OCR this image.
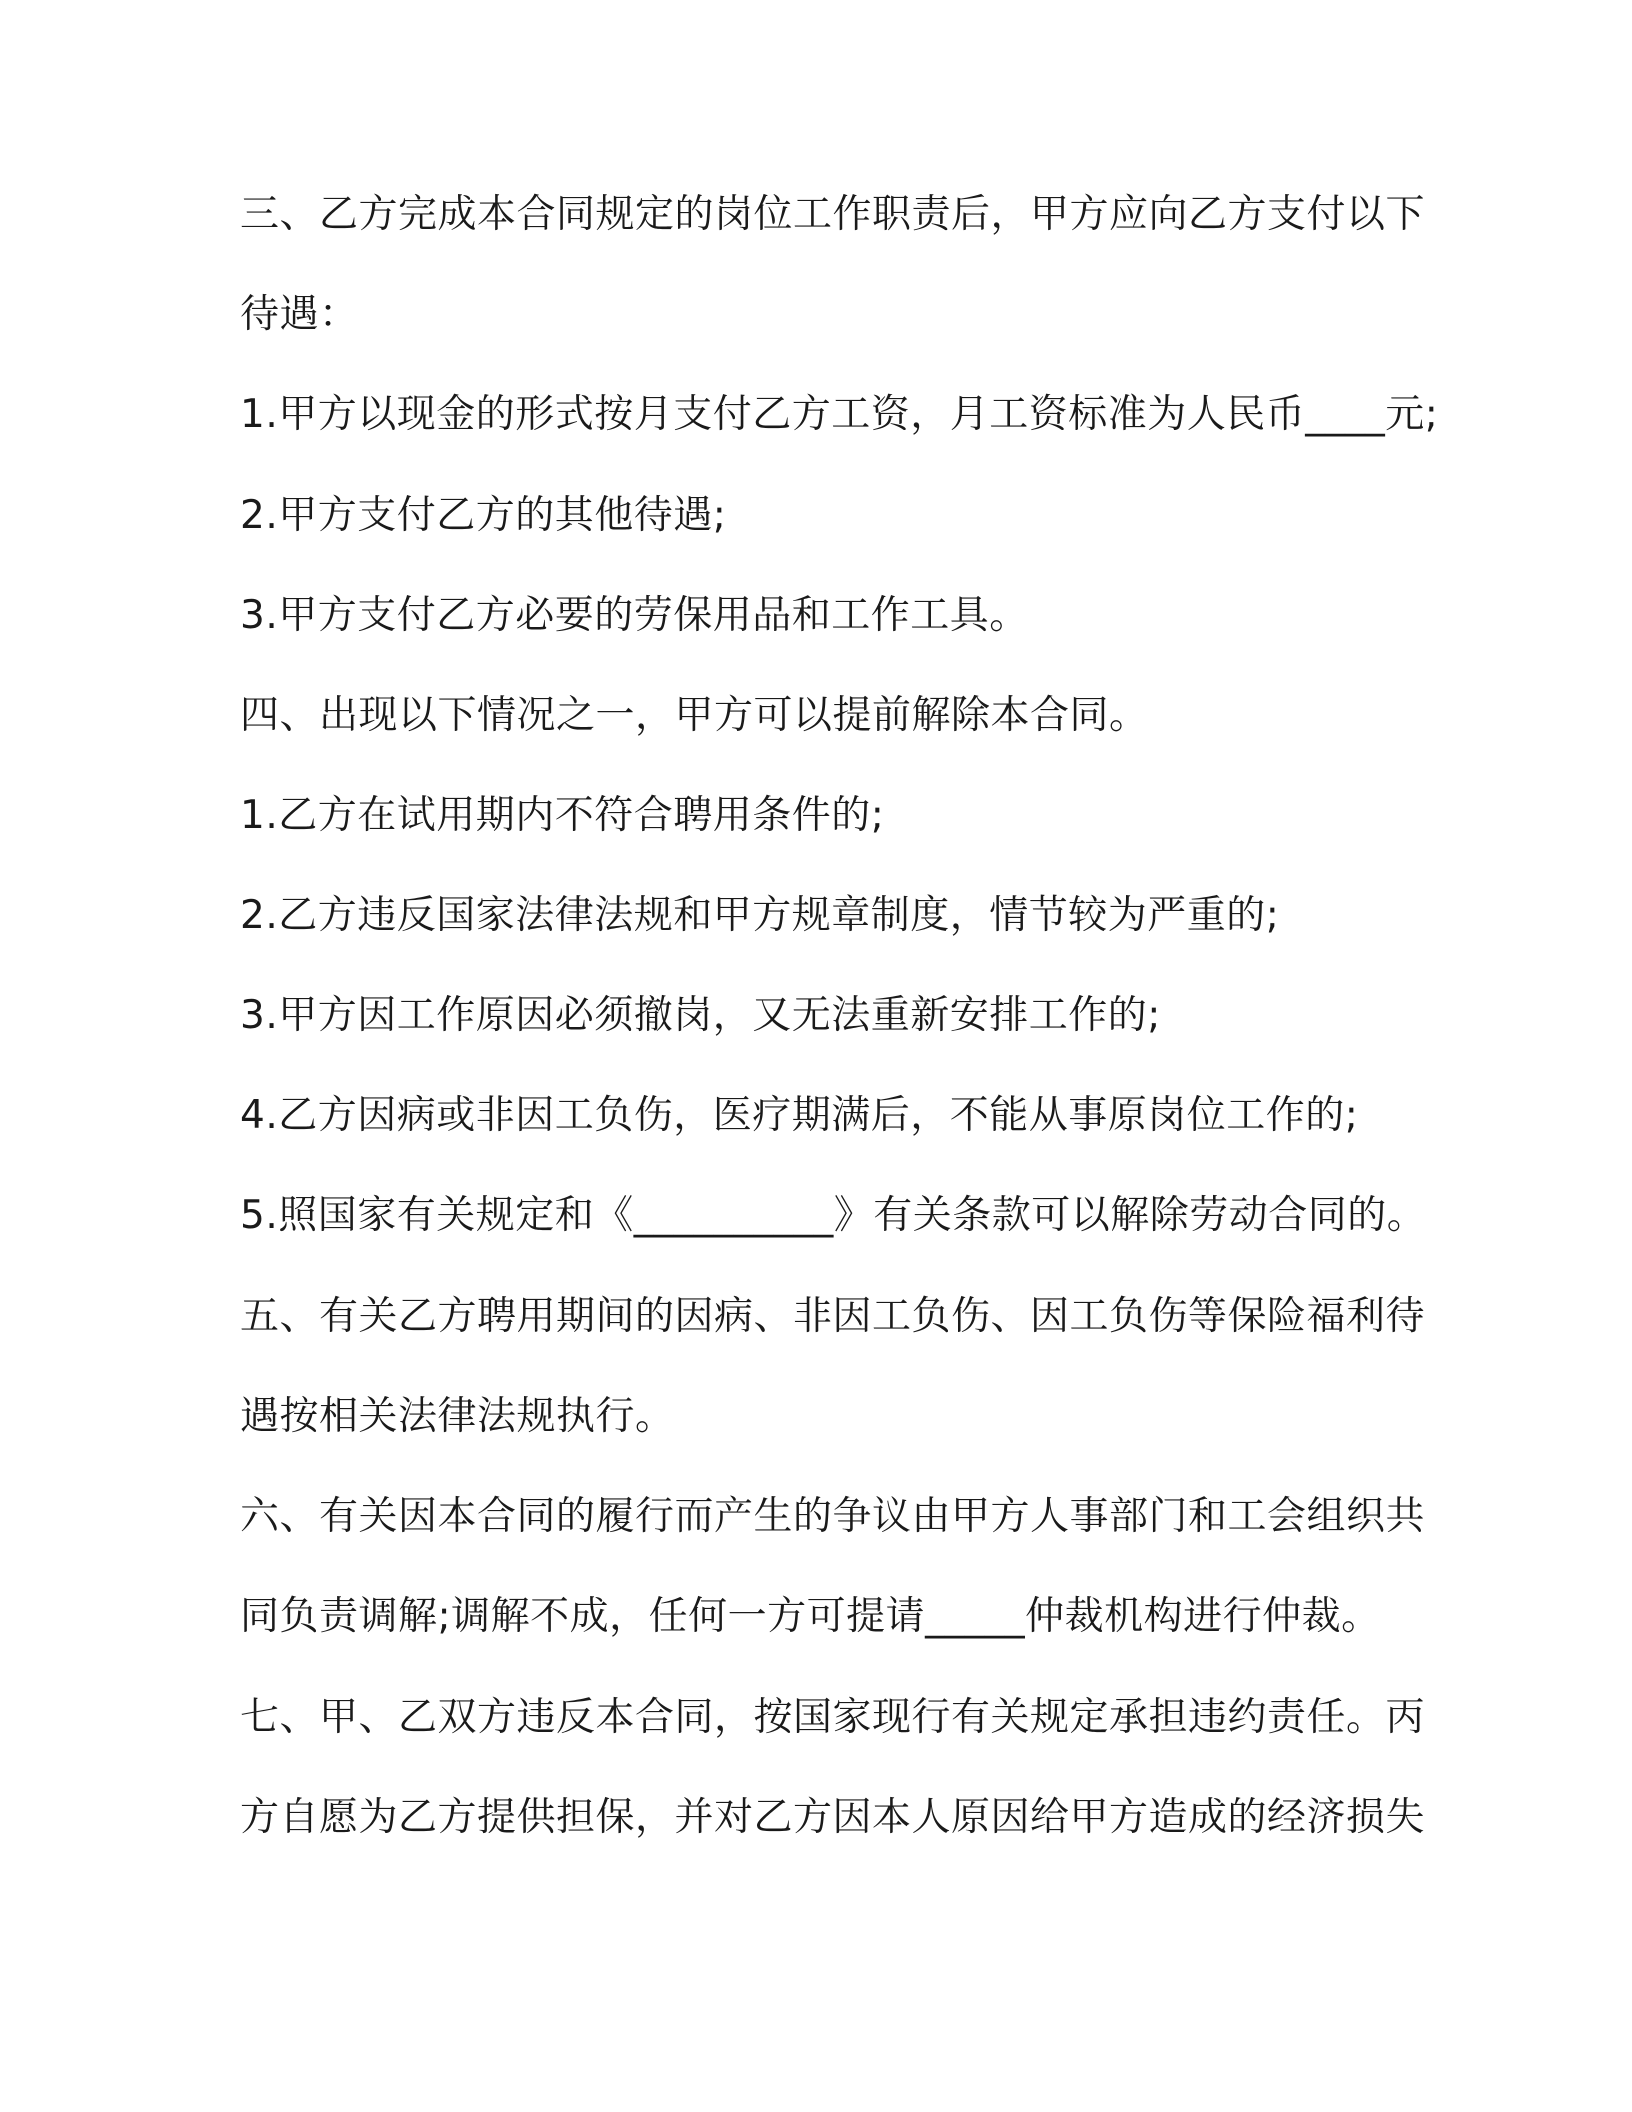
三、乙方完成本合同规定的岗位工作职责后，甲方应向乙方支付以下
待遇：
1.甲方以现金的形式按月支付乙方工资，月工资标准为人民币____元;
2.甲方支付乙方的其他待遇;
3.甲方支付乙方必要的劳保用品和工作工具。
四、出现以下情况之一，甲方可以提前解除本合同。
1.乙方在试用期内不符合聘用条件的;
2.乙方违反国家法律法规和甲方规章制度，情节较为严重的;
3.甲方因工作原因必须撤岗，又无法重新安排工作的;
4.乙方因病或非因工负伤，医疗期满后，不能从事原岗位工作的;
5.照国家有关规定和《__________》有关条款可以解除劳动合同的。
五、有关乙方聘用期间的因病、非因工负伤、因工负伤等保险福利待
遇按相关法律法规执行。
六、有关因本合同的履行而产生的争议由甲方人事部门和工会组织共
同负责调解;调解不成，任何一方可提请_____仲裁机构进行仲裁。
七、甲、乙双方违反本合同，按国家现行有关规定承担违约责任。丙
方自愿为乙方提供担保，并对乙方因本人原因给甲方造成的经济损失
